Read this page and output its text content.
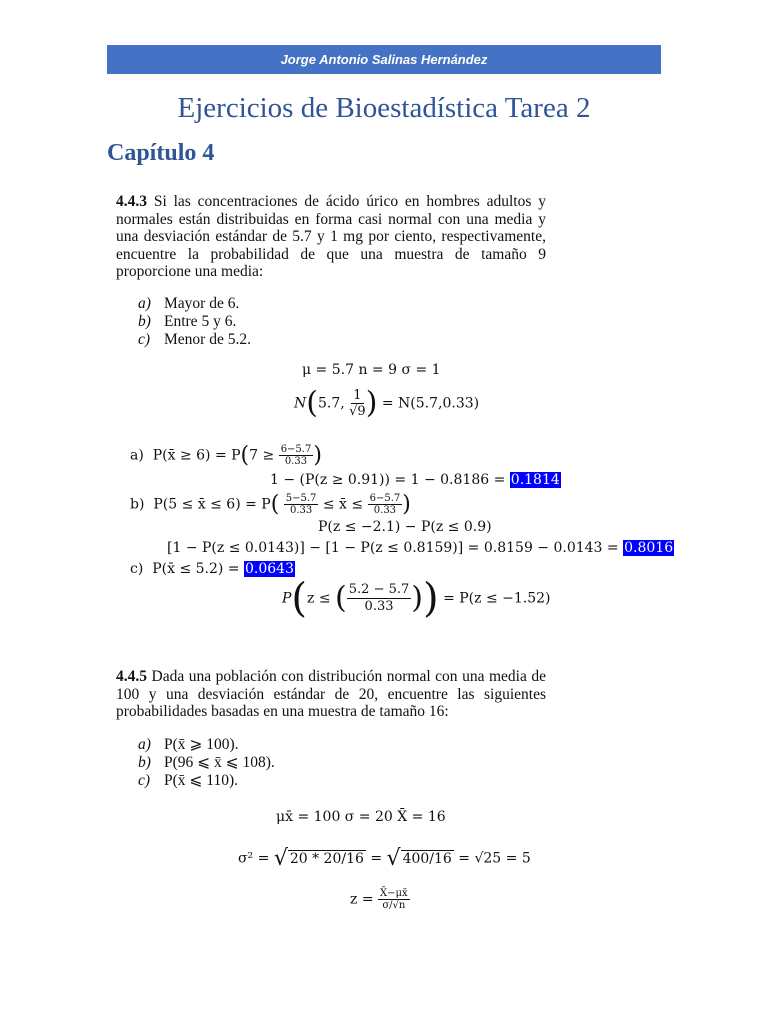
Jorge Antonio Salinas Hernández
Ejercicios de Bioestadística Tarea 2
Capítulo 4
4.4.3 Si las concentraciones de ácido úrico en hombres adultos y normales están distribuidas en forma casi normal con una media y una desviación estándar de 5.7 y 1 mg por ciento, respectivamente, encuentre la probabilidad de que una muestra de tamaño 9 proporcione una media:
a) Mayor de 6.
b) Entre 5 y 6.
c) Menor de 5.2.
μ = 5.7 n = 9 σ = 1
N(5.7, $\frac{1}{√9}$ ) = N(5.7,0.33)
a) P(x̄ ≥ $6) = P(7 \ge \frac{6-5.7}{0.33}$ )
1 − (P(z ≥ 0.91)) = 1 − 0.8186 = 0.1814
b) P(5 ≤ x̄ ≤ $6) = P( \frac{5-5.7}{0.33}$ ≤ x̄ ≤ $\frac{6-5.7}{0.33}$ )
P(z ≤ −2.1) − P(z ≤ 0.9)
[1 − P(z ≤ 0.0143)] − [1 − P(z ≤ 0.8159)] = 0.8159 − 0.0143 = 0.8016
c) P(x̄ ≤ 5.2) = 0.0643
P(z ≤ ( $\frac{5.2 - 5.7}{0.33}$ )) = P(z ≤ −1.52)
4.4.5 Dada una población con distribución normal con una media de 100 y una desviación estándar de 20, encuentre las siguientes probabilidades basadas en una muestra de tamaño 16:
a) P(x̄ ⩾ 100).
b) P(96 ⩽ x̄ ⩽ 108).
c) P(x̄ ⩽ 110).
μx̄ = 100 σ = 20 X̄ = 16
σ² = √ 20 * 20/16 = √ 400/16 = √25 = 5
$z = \frac{X̄-\mu x̄}{\sigma/√n}$
